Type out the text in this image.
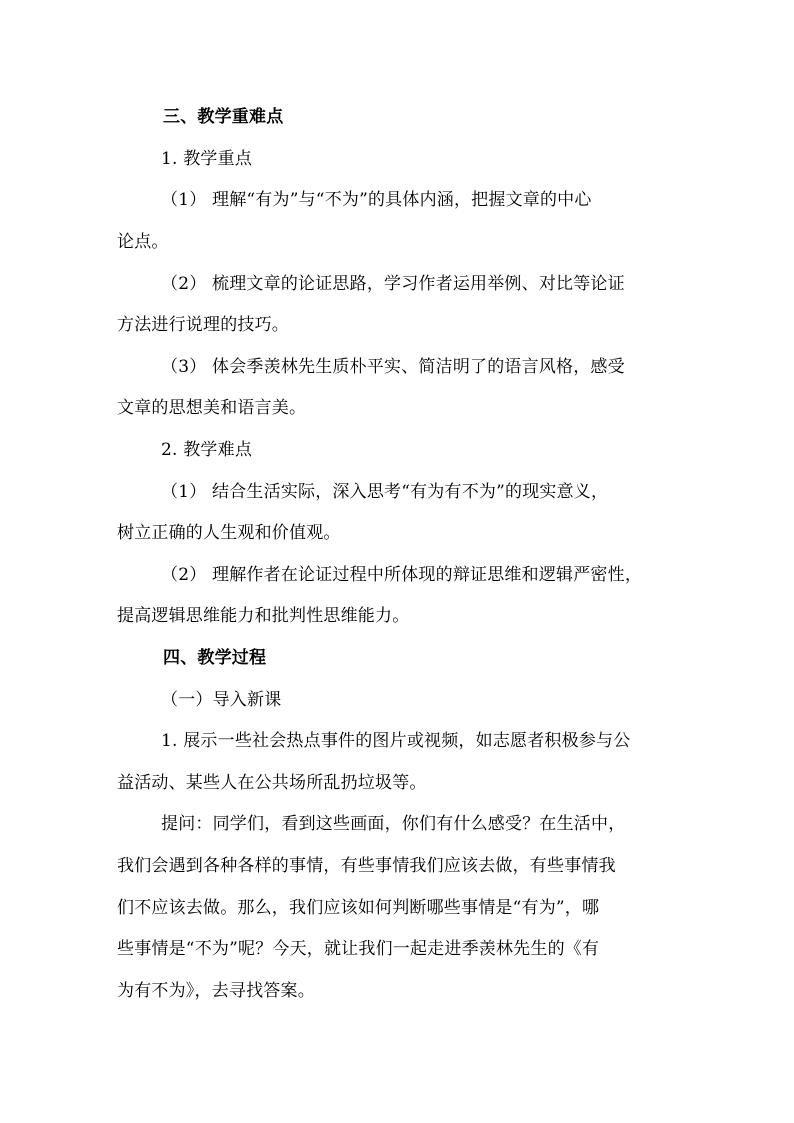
三、教学重难点
1. 教学重点
（1） 理解“有为”与“不为”的具体内涵，把握文章的中心
论点。
（2） 梳理文章的论证思路，学习作者运用举例、对比等论证
方法进行说理的技巧。
（3） 体会季羡林先生质朴平实、简洁明了的语言风格，感受
文章的思想美和语言美。
2. 教学难点
（1） 结合生活实际，深入思考“有为有不为”的现实意义，
树立正确的人生观和价值观。
（2） 理解作者在论证过程中所体现的辩证思维和逻辑严密性，
提高逻辑思维能力和批判性思维能力。
四、教学过程
（一）导入新课
1. 展示一些社会热点事件的图片或视频，如志愿者积极参与公
益活动、某些人在公共场所乱扔垃圾等。
提问：同学们，看到这些画面，你们有什么感受？在生活中，
我们会遇到各种各样的事情，有些事情我们应该去做，有些事情我
们不应该去做。那么，我们应该如何判断哪些事情是“有为”，哪
些事情是“不为”呢？今天，就让我们一起走进季羡林先生的《有
为有不为》，去寻找答案。
